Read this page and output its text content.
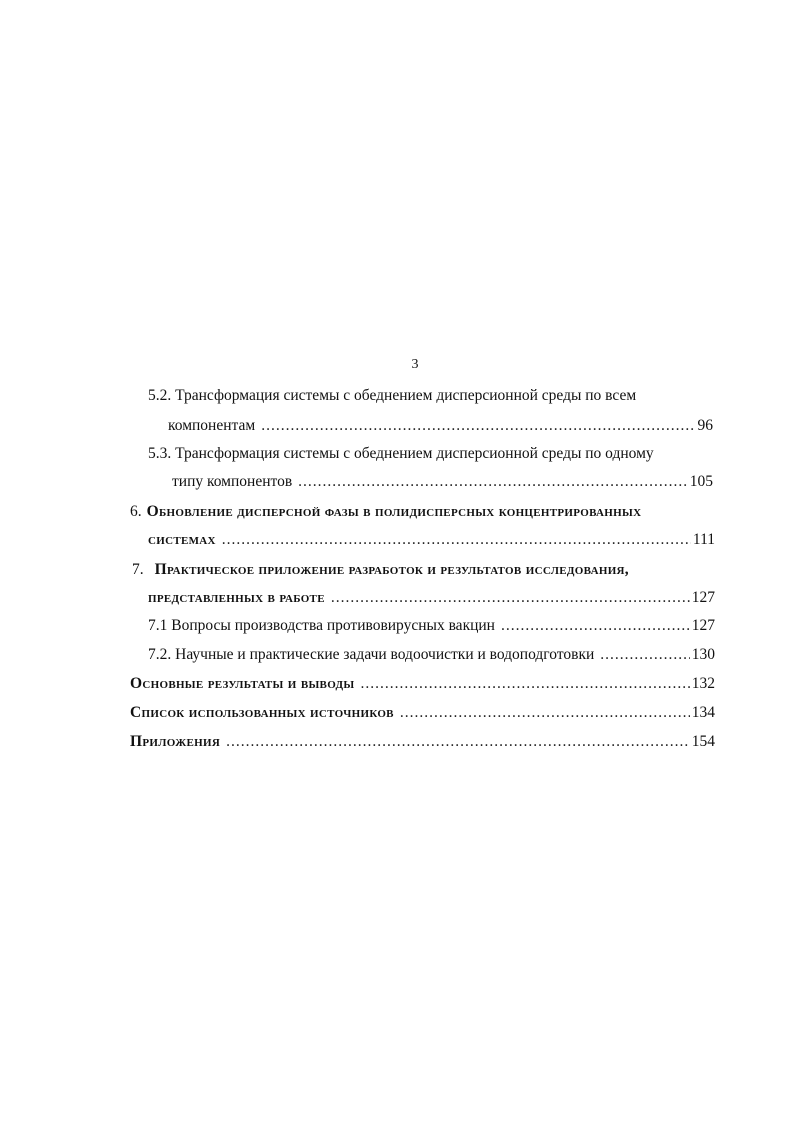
3
5.2. Трансформация системы с обеднением дисперсионной среды по всем
компонентам .....	96
5.3. Трансформация системы с обеднением дисперсионной среды по одному
типу компонентов .....	105
6. Обновление дисперсной фазы в полидисперсных концентрированных
системах .....	111
7. Практическое приложение разработок и результатов исследования,
представленных в работе .....	127
7.1 Вопросы производства противовирусных вакцин .....	127
7.2. Научные и практические задачи водоочистки и водоподготовки .....	130
Основные результаты и выводы .....	132
Список использованных источников .....	134
Приложения .....	154
